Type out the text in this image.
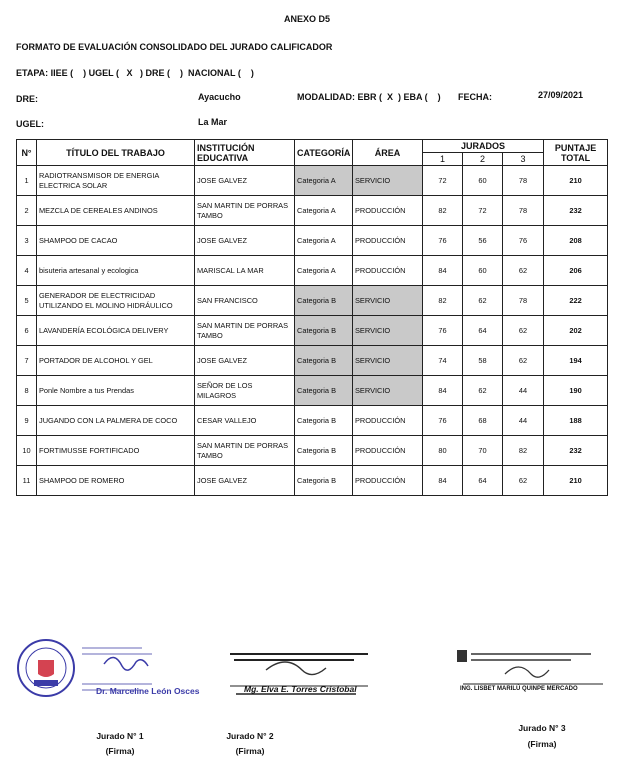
ANEXO D5
FORMATO DE EVALUACIÓN CONSOLIDADO DEL JURADO CALIFICADOR
ETAPA: IIEE (    ) UGEL (   X   ) DRE (    )  NACIONAL (    )
DRE:	Ayacucho	MODALIDAD: EBR (  X  ) EBA (    ) FECHA:	27/09/2021
UGEL:	La Mar
N°	TÍTULO DEL TRABAJO	INSTITUCIÓN EDUCATIVA	CATEGORÍA	ÁREA	JURADOS			PUNTAJE TOTAL
					1	2	3	
1	RADIOTRANSMISOR DE ENERGIA ELECTRICA SOLAR	JOSE GALVEZ	Categoria A	SERVICIO	72	60	78	210
2	MEZCLA DE CEREALES ANDINOS	SAN MARTIN DE PORRAS TAMBO	Categoria A	PRODUCCIÓN	82	72	78	232
3	SHAMPOO DE CACAO	JOSE GALVEZ	Categoria A	PRODUCCIÓN	76	56	76	208
4	bisuteria artesanal y ecologica	MARISCAL LA MAR	Categoria A	PRODUCCIÓN	84	60	62	206
5	GENERADOR DE ELECTRICIDAD UTILIZANDO EL MOLINO HIDRÁULICO	SAN FRANCISCO	Categoria B	SERVICIO	82	62	78	222
6	LAVANDERÍA ECOLÓGICA DELIVERY	SAN MARTIN DE PORRAS TAMBO	Categoria B	SERVICIO	76	64	62	202
7	PORTADOR DE ALCOHOL Y GEL	JOSE GALVEZ	Categoria B	SERVICIO	74	58	62	194
8	Ponle Nombre a tus Prendas	SEÑOR DE LOS MILAGROS	Categoria B	SERVICIO	84	62	44	190
9	JUGANDO CON LA PALMERA DE COCO	CESAR VALLEJO	Categoria B	PRODUCCIÓN	76	68	44	188
10	FORTIMUSSE FORTIFICADO	SAN MARTIN DE PORRAS TAMBO	Categoria B	PRODUCCIÓN	80	70	82	232
11	SHAMPOO DE ROMERO	JOSE GALVEZ	Categoria B	PRODUCCIÓN	84	64	62	210
Dr. Marceline León Osces	Mg. Elva E. Torres Cristobal	ING. LISBET MARILÚ QUINPE MERCADO
Jurado N° 1
(Firma)
Jurado N° 2
(Firma)
Jurado N° 3
(Firma)
